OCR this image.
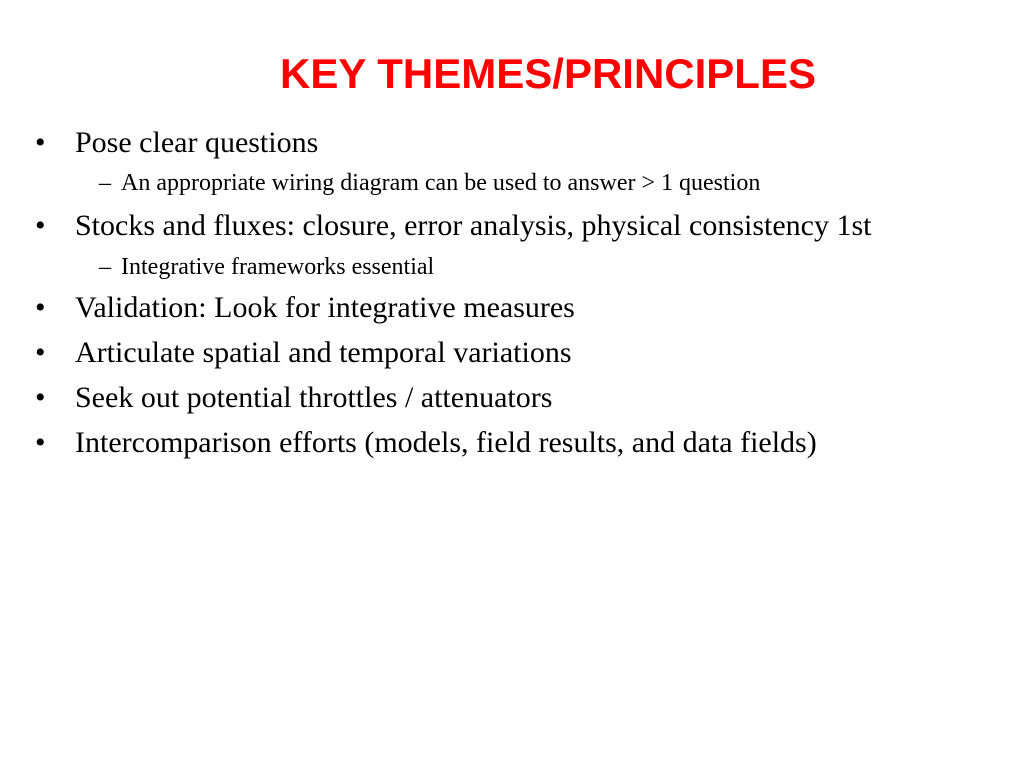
KEY THEMES/PRINCIPLES
• Pose clear questions
– An appropriate wiring diagram can be used to answer > 1 question
• Stocks and fluxes: closure, error analysis, physical consistency 1st
– Integrative frameworks essential
• Validation: Look for integrative measures
• Articulate spatial and temporal variations
• Seek out potential throttles / attenuators
• Intercomparison efforts (models, field results, and data fields)
